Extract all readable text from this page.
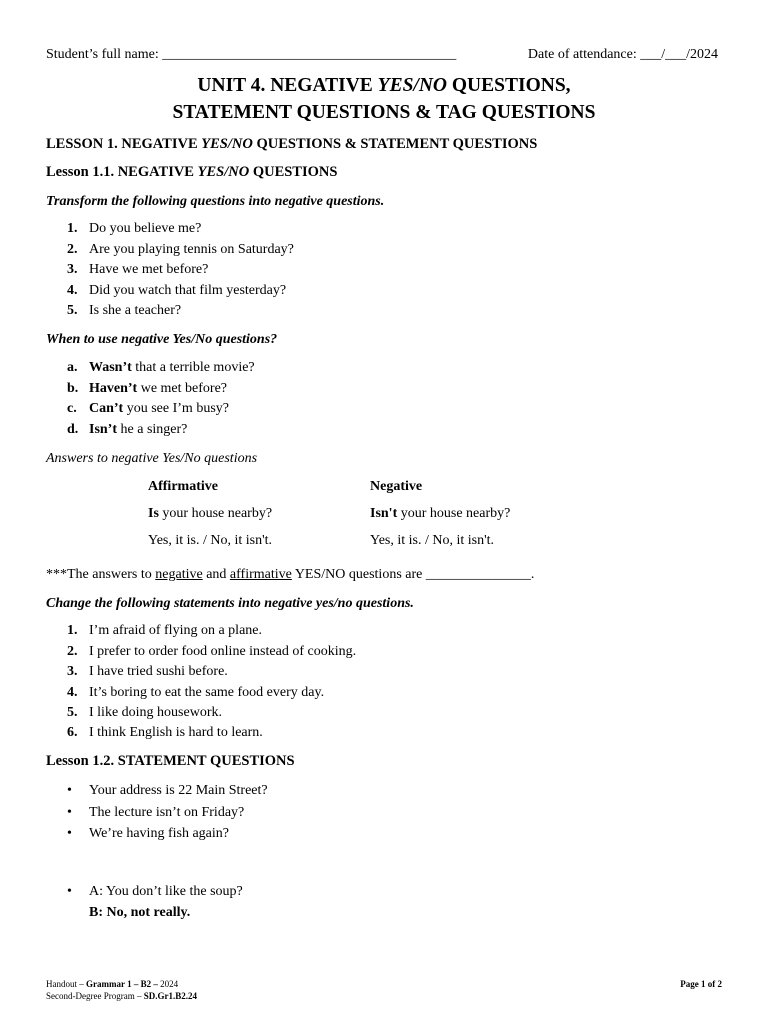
Student’s full name: __________________________________________	Date of attendance: ___/___/2024
UNIT 4. NEGATIVE YES/NO QUESTIONS,
STATEMENT QUESTIONS & TAG QUESTIONS
LESSON 1. NEGATIVE YES/NO QUESTIONS & STATEMENT QUESTIONS
Lesson 1.1. NEGATIVE YES/NO QUESTIONS
Transform the following questions into negative questions.
1. Do you believe me?
2. Are you playing tennis on Saturday?
3. Have we met before?
4. Did you watch that film yesterday?
5. Is she a teacher?
When to use negative Yes/No questions?
a. Wasn’t that a terrible movie?
b. Haven’t we met before?
c. Can’t you see I’m busy?
d. Isn’t he a singer?
Answers to negative Yes/No questions
Affirmative	Negative
Is your house nearby?	Isn't your house nearby?
Yes, it is. / No, it isn't.	Yes, it is. / No, it isn't.
***The answers to negative and affirmative YES/NO questions are _______________.
Change the following statements into negative yes/no questions.
1. I’m afraid of flying on a plane.
2. I prefer to order food online instead of cooking.
3. I have tried sushi before.
4. It’s boring to eat the same food every day.
5. I like doing housework.
6. I think English is hard to learn.
Lesson 1.2. STATEMENT QUESTIONS
• Your address is 22 Main Street?
• The lecture isn’t on Friday?
• We’re having fish again?
• A: You don’t like the soup?
B: No, not really.
Handout – Grammar 1 – B2 – 2024
Second-Degree Program – SD.Gr1.B2.24
Page 1 of 2
